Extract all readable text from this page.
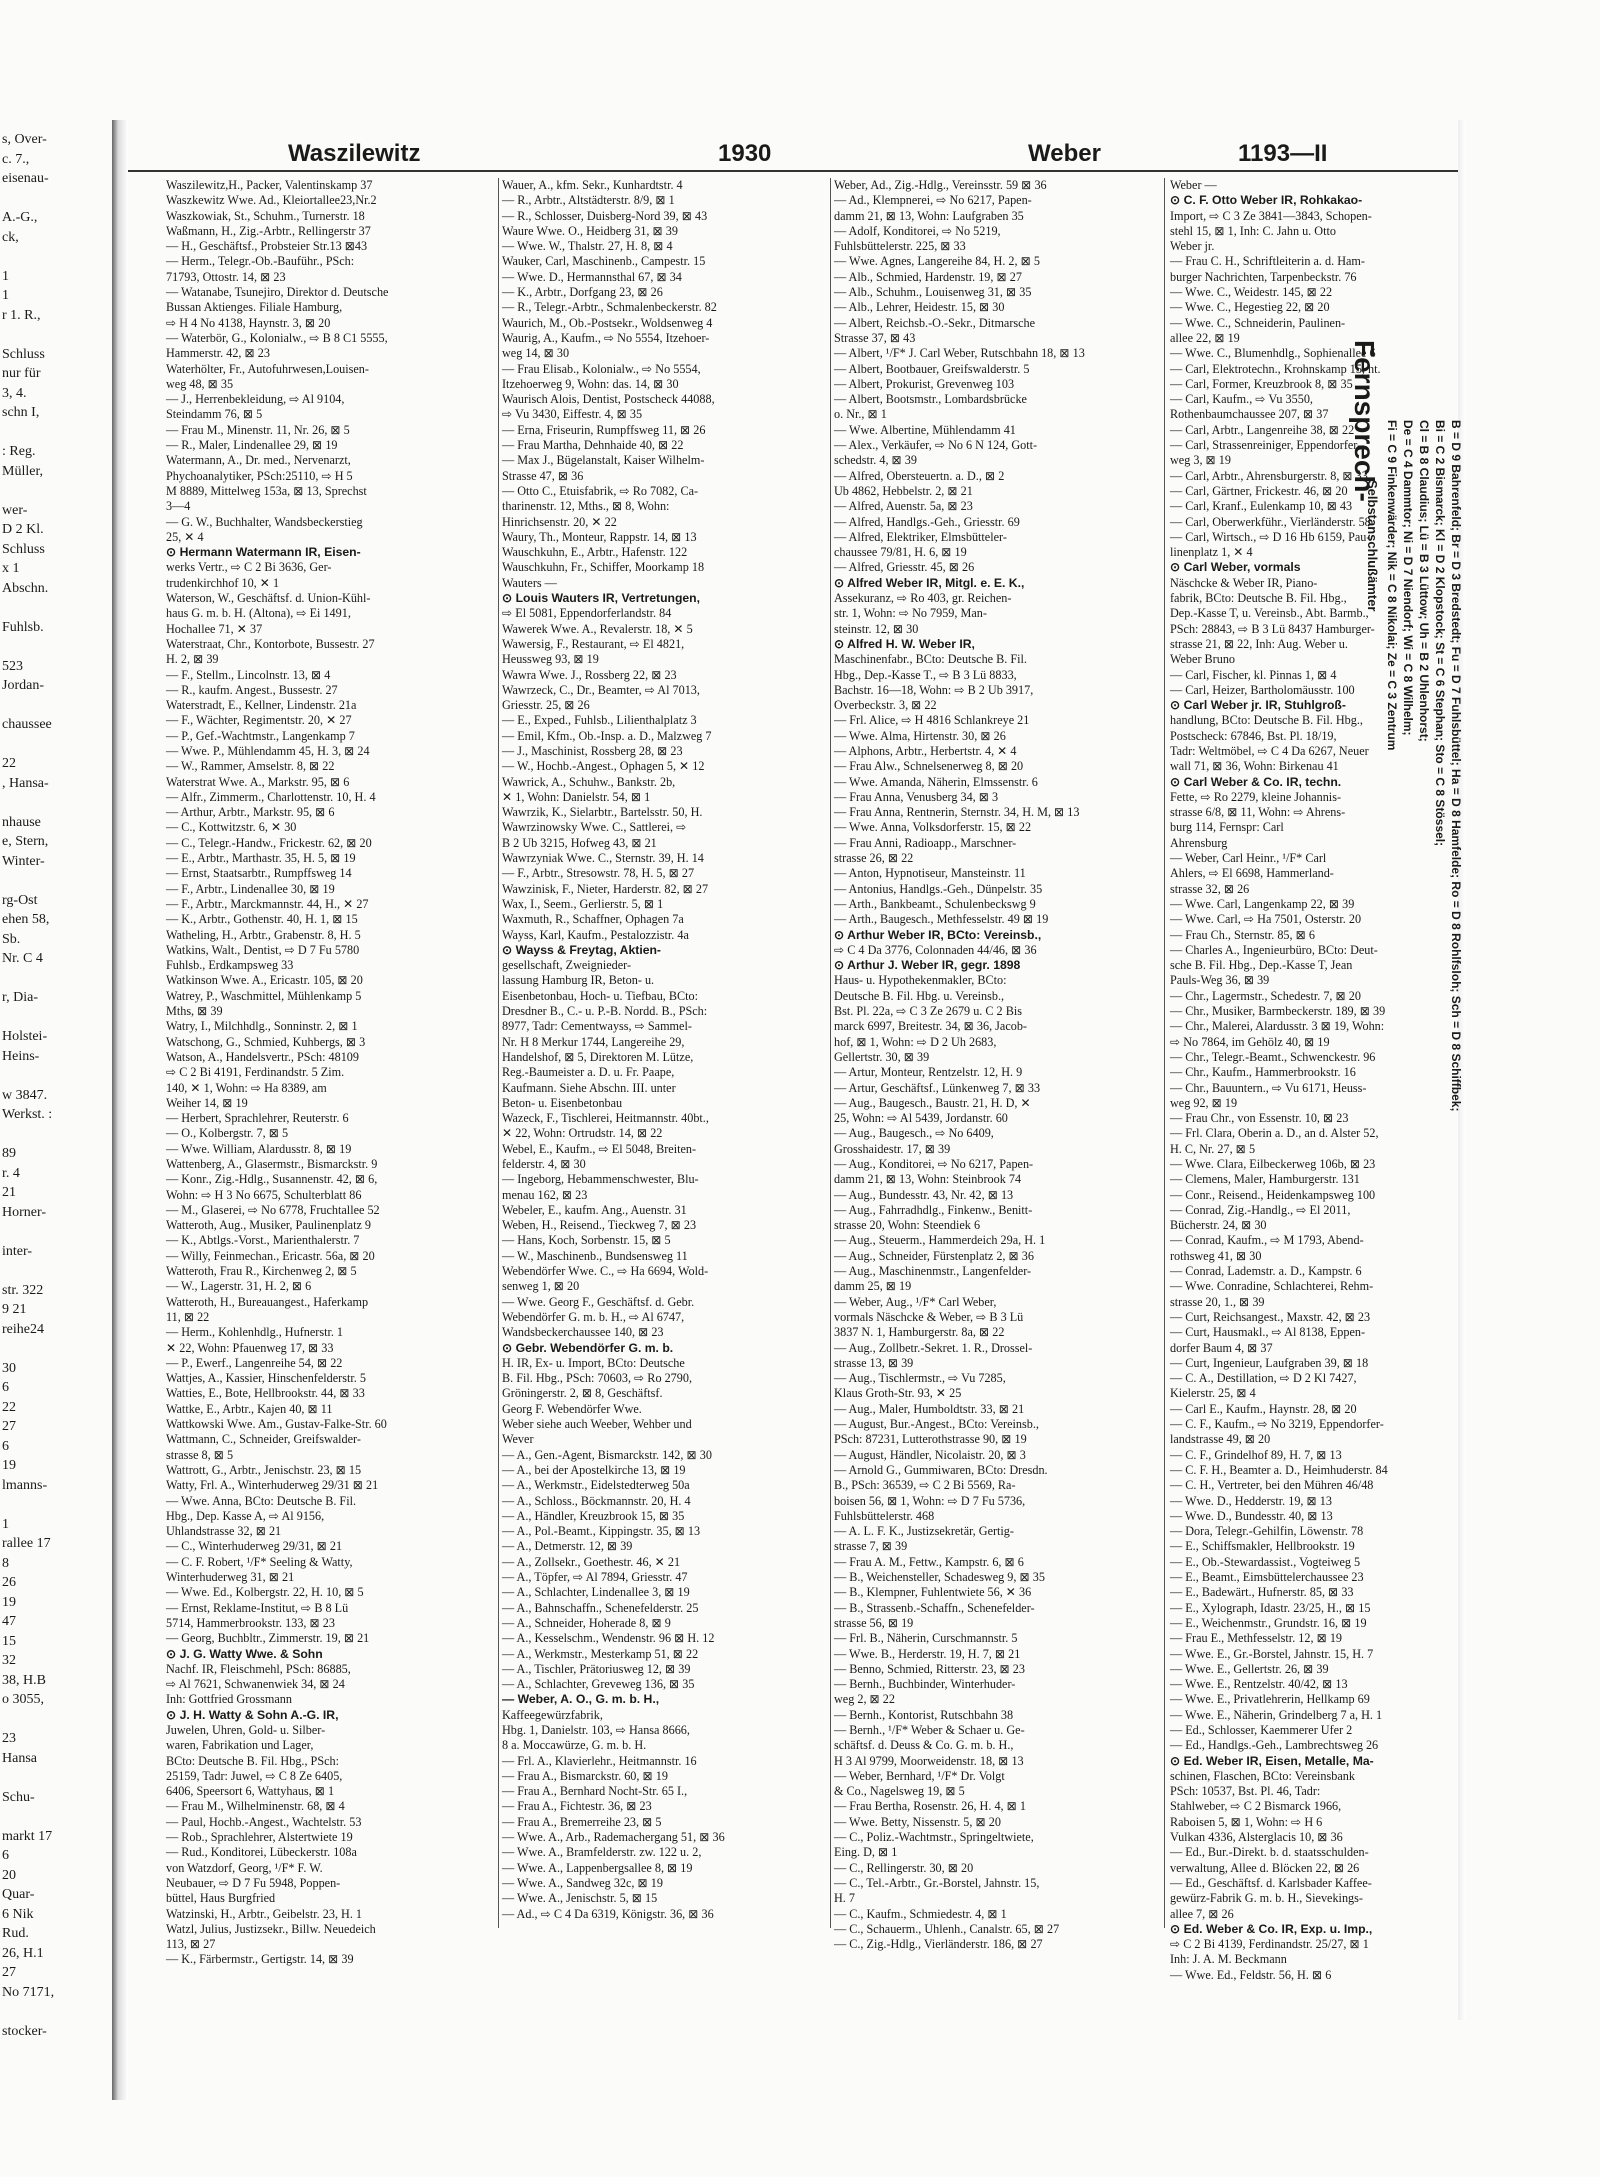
s, Over-
c. 7.,
eisenau-

A.-G.,
ck,

1
1
r 1. R.,

Schluss
nur für
3, 4.
schn I,

: Reg.
Müller,

wer-
D 2 Kl.
Schluss
x 1
Abschn.

Fuhlsb.

523
Jordan-

chaussee

22
, Hansa-

nhause
e, Stern,
Winter-

rg-Ost
ehen 58,
Sb.
Nr. C 4

r, Dia-

Holstei-
Heins-

w 3847.
Werkst. :

89
r. 4
21
Horner-

inter-

str. 322
9 21
reihe24

30
6
22
27
6
19
lmanns-

1
rallee 17
8
26
19
47
15
32
38, H.B
o 3055,

23
Hansa

Schu-

markt 17
6
20
Quar-
6 Nik
Rud.
26, H.1
27
No 7171,

stocker-
Waszilewitz	1930	Weber	1193—II
Waszilewitz,H., Packer, Valentinskamp 37
Waszkewitz Wwe. Ad., Kleiortallee23,Nr.2
Waszkowiak, St., Schuhm., Turnerstr. 18
Waßmann, H., Zig.-Arbtr., Rellingerstr 37
— H., Geschäftsf., Probsteier Str.13 ⊠43
— Herm., Telegr.-Ob.-Bauführ., PSch:
71793, Ottostr. 14, ⊠ 23
— Watanabe, Tsunejiro, Direktor d. Deutsche
Bussan Aktienges. Filiale Hamburg,
⇨ H 4 No 4138, Haynstr. 3, ⊠ 20
— Waterbör, G., Kolonialw., ⇨ B 8 C1 5555,
Hammerstr. 42, ⊠ 23
Waterhölter, Fr., Autofuhrwesen,Louisen-
weg 48, ⊠ 35
— J., Herrenbekleidung, ⇨ Al 9104,
Steindamm 76, ⊠ 5
— Frau M., Minenstr. 11, Nr. 26, ⊠ 5
— R., Maler, Lindenallee 29, ⊠ 19
Watermann, A., Dr. med., Nervenarzt,
Phychoanalytiker, PSch:25110, ⇨ H 5
M 8889, Mittelweg 153a, ⊠ 13, Sprechst
3—4
— G. W., Buchhalter, Wandsbeckerstieg
25, ✕ 4
⊙ Hermann Watermann IR, Eisen-
werks Vertr., ⇨ C 2 Bi 3636, Ger-
trudenkirchhof 10, ✕ 1
Waterson, W., Geschäftsf. d. Union-Kühl-
haus G. m. b. H. (Altona), ⇨ Ei 1491,
Hochallee 71, ✕ 37
Waterstraat, Chr., Kontorbote, Bussestr. 27
H. 2, ⊠ 39
— F., Stellm., Lincolnstr. 13, ⊠ 4
— R., kaufm. Angest., Bussestr. 27
Waterstradt, E., Kellner, Lindenstr. 21a
— F., Wächter, Regimentstr. 20, ✕ 27
— P., Gef.-Wachtmstr., Langenkamp 7
— Wwe. P., Mühlendamm 45, H. 3, ⊠ 24
— W., Rammer, Amselstr. 8, ⊠ 22
Waterstrat Wwe. A., Markstr. 95, ⊠ 6
— Alfr., Zimmerm., Charlottenstr. 10, H. 4
— Arthur, Arbtr., Markstr. 95, ⊠ 6
— C., Kottwitzstr. 6, ✕ 30
— C., Telegr.-Handw., Frickestr. 62, ⊠ 20
— E., Arbtr., Marthastr. 35, H. 5, ⊠ 19
— Ernst, Staatsarbtr., Rumpffsweg 14
— F., Arbtr., Lindenallee 30, ⊠ 19
— F., Arbtr., Marckmannstr. 44, H., ✕ 27
— K., Arbtr., Gothenstr. 40, H. 1, ⊠ 15
Watheling, H., Arbtr., Grabenstr. 8, H. 5
Watkins, Walt., Dentist, ⇨ D 7 Fu 5780
Fuhlsb., Erdkampsweg 33
Watkinson Wwe. A., Ericastr. 105, ⊠ 20
Watrey, P., Waschmittel, Mühlenkamp 5
Mths, ⊠ 39
Watry, I., Milchhdlg., Sonninstr. 2, ⊠ 1
Watschong, G., Schmied, Kuhbergs, ⊠ 3
Watson, A., Handelsvertr., PSch: 48109
⇨ C 2 Bi 4191, Ferdinandstr. 5 Zim.
140, ✕ 1, Wohn: ⇨ Ha 8389, am
Weiher 14, ⊠ 19
— Herbert, Sprachlehrer, Reuterstr. 6
— O., Kolbergstr. 7, ⊠ 5
— Wwe. William, Alardusstr. 8, ⊠ 19
Wattenberg, A., Glasermstr., Bismarckstr. 9
— Konr., Zig.-Hdlg., Susannenstr. 42, ⊠ 6,
Wohn: ⇨ H 3 No 6675, Schulterblatt 86
— M., Glaserei, ⇨ No 6778, Fruchtallee 52
Watteroth, Aug., Musiker, Paulinenplatz 9
— K., Abtlgs.-Vorst., Marienthalerstr. 7
— Willy, Feinmechan., Ericastr. 56a, ⊠ 20
Watteroth, Frau R., Kirchenweg 2, ⊠ 5
— W., Lagerstr. 31, H. 2, ⊠ 6
Watteroth, H., Bureauangest., Haferkamp
11, ⊠ 22
— Herm., Kohlenhdlg., Hufnerstr. 1
✕ 22, Wohn: Pfauenweg 17, ⊠ 33
— P., Ewerf., Langenreihe 54, ⊠ 22
Wattjes, A., Kassier, Hinschenfelderstr. 5
Watties, E., Bote, Hellbrookstr. 44, ⊠ 33
Wattke, E., Arbtr., Kajen 40, ⊠ 11
Wattkowski Wwe. Am., Gustav-Falke-Str. 60
Wattmann, C., Schneider, Greifswalder-
strasse 8, ⊠ 5
Wattrott, G., Arbtr., Jenischstr. 23, ⊠ 15
Watty, Frl. A., Winterhuderweg 29/31 ⊠ 21
— Wwe. Anna, BCto: Deutsche B. Fil.
Hbg., Dep. Kasse A, ⇨ Al 9156,
Uhlandstrasse 32, ⊠ 21
— C., Winterhuderweg 29/31, ⊠ 21
— C. F. Robert, ¹/F* Seeling & Watty,
Winterhuderweg 31, ⊠ 21
— Wwe. Ed., Kolbergstr. 22, H. 10, ⊠ 5
— Ernst, Reklame-Institut, ⇨ B 8 Lü
5714, Hammerbrookstr. 133, ⊠ 23
— Georg, Buchbltr., Zimmerstr. 19, ⊠ 21
⊙ J. G. Watty Wwe. & Sohn
Nachf. IR, Fleischmehl, PSch: 86885,
⇨ Al 7621, Schwanenwiek 34, ⊠ 24
Inh: Gottfried Grossmann
⊙ J. H. Watty & Sohn A.-G. IR,
Juwelen, Uhren, Gold- u. Silber-
waren, Fabrikation und Lager,
BCto: Deutsche B. Fil. Hbg., PSch:
25159, Tadr: Juwel, ⇨ C 8 Ze 6405,
6406, Speersort 6, Wattyhaus, ⊠ 1
— Frau M., Wilhelminenstr. 68, ⊠ 4
— Paul, Hochb.-Angest., Wachtelstr. 53
— Rob., Sprachlehrer, Alstertwiete 19
— Rud., Konditorei, Lübeckerstr. 108a
von Watzdorf, Georg, ¹/F* F. W.
Neubauer, ⇨ D 7 Fu 5948, Poppen-
büttel, Haus Burgfried
Watzinski, H., Arbtr., Geibelstr. 23, H. 1
Watzl, Julius, Justizsekr., Billw. Neuedeich
113, ⊠ 27
— K., Färbermstr., Gertigstr. 14, ⊠ 39
Wauer, A., kfm. Sekr., Kunhardtstr. 4
— R., Arbtr., Altstädterstr. 8/9, ⊠ 1
— R., Schlosser, Duisberg-Nord 39, ⊠ 43
Waure Wwe. O., Heidberg 31, ⊠ 39
— Wwe. W., Thalstr. 27, H. 8, ⊠ 4
Wauker, Carl, Maschinenb., Campestr. 15
— Wwe. D., Hermannsthal 67, ⊠ 34
— K., Arbtr., Dorfgang 23, ⊠ 26
— R., Telegr.-Arbtr., Schmalenbeckerstr. 82
Waurich, M., Ob.-Postsekr., Woldsenweg 4
Waurig, A., Kaufm., ⇨ No 5554, Itzehoer-
weg 14, ⊠ 30
— Frau Elisab., Kolonialw., ⇨ No 5554,
Itzehoerweg 9, Wohn: das. 14, ⊠ 30
Waurisch Alois, Dentist, Postscheck 44088,
⇨ Vu 3430, Eiffestr. 4, ⊠ 35
— Erna, Friseurin, Rumpffsweg 11, ⊠ 26
— Frau Martha, Dehnhaide 40, ⊠ 22
— Max J., Bügelanstalt, Kaiser Wilhelm-
Strasse 47, ⊠ 36
— Otto C., Etuisfabrik, ⇨ Ro 7082, Ca-
tharinenstr. 12, Mths., ⊠ 8, Wohn:
Hinrichsenstr. 20, ✕ 22
Waury, Th., Monteur, Rappstr. 14, ⊠ 13
Wauschkuhn, E., Arbtr., Hafenstr. 122
Wauschkuhn, Fr., Schiffer, Moorkamp 18
Wauters —
⊙ Louis Wauters IR, Vertretungen,
⇨ El 5081, Eppendorferlandstr. 84
Wawerek Wwe. A., Revalerstr. 18, ✕ 5
Wawersig, F., Restaurant, ⇨ El 4821,
Heussweg 93, ⊠ 19
Wawra Wwe. J., Rossberg 22, ⊠ 23
Wawrzeck, C., Dr., Beamter, ⇨ Al 7013,
Griesstr. 25, ⊠ 26
— E., Exped., Fuhlsb., Lilienthalplatz 3
— Emil, Kfm., Ob.-Insp. a. D., Malzweg 7
— J., Maschinist, Rossberg 28, ⊠ 23
— W., Hochb.-Angest., Ophagen 5, ✕ 12
Wawrick, A., Schuhw., Bankstr. 2b,
✕ 1, Wohn: Danielstr. 54, ⊠ 1
Wawrzik, K., Sielarbtr., Bartelsstr. 50, H.
Wawrzinowsky Wwe. C., Sattlerei, ⇨
B 2 Ub 3215, Hofweg 43, ⊠ 21
Wawrzyniak Wwe. C., Sternstr. 39, H. 14
— F., Arbtr., Stresowstr. 78, H. 5, ⊠ 27
Wawzinisk, F., Nieter, Harderstr. 82, ⊠ 27
Wax, I., Seem., Gerlierstr. 5, ⊠ 1
Waxmuth, R., Schaffner, Ophagen 7a
Wayss, Karl, Kaufm., Pestalozzistr. 4a
⊙ Wayss & Freytag, Aktien-
gesellschaft, Zweignieder-
lassung Hamburg IR, Beton- u.
Eisenbetonbau, Hoch- u. Tiefbau, BCto:
Dresdner B., C.- u. P.-B. Nordd. B., PSch:
8977, Tadr: Cementwayss, ⇨ Sammel-
Nr. H 8 Merkur 1744, Langereihe 29,
Handelshof, ⊠ 5, Direktoren M. Lütze,
Reg.-Baumeister a. D. u. Fr. Paape,
Kaufmann. Siehe Abschn. III. unter
Beton- u. Eisenbetonbau
Wazeck, F., Tischlerei, Heitmannstr. 40bt.,
✕ 22, Wohn: Ortrudstr. 14, ⊠ 22
Webel, E., Kaufm., ⇨ El 5048, Breiten-
felderstr. 4, ⊠ 30
— Ingeborg, Hebammenschwester, Blu-
menau 162, ⊠ 23
Webeler, E., kaufm. Ang., Auenstr. 31
Weben, H., Reisend., Tieckweg 7, ⊠ 23
— Hans, Koch, Sorbenstr. 15, ⊠ 5
— W., Maschinenb., Bundsensweg 11
Webendörfer Wwe. C., ⇨ Ha 6694, Wold-
senweg 1, ⊠ 20
— Wwe. Georg F., Geschäftsf. d. Gebr.
Webendörfer G. m. b. H., ⇨ Al 6747,
Wandsbeckerchaussee 140, ⊠ 23
⊙ Gebr. Webendörfer G. m. b.
H. IR, Ex- u. Import, BCto: Deutsche
B. Fil. Hbg., PSch: 70603, ⇨ Ro 2790,
Gröningerstr. 2, ⊠ 8, Geschäftsf.
Georg F. Webendörfer Wwe.
Weber siehe auch Weeber, Wehber und
Wever
— A., Gen.-Agent, Bismarckstr. 142, ⊠ 30
— A., bei der Apostelkirche 13, ⊠ 19
— A., Werkmstr., Eidelstedterweg 50a
— A., Schloss., Böckmannstr. 20, H. 4
— A., Händler, Kreuzbrook 15, ⊠ 35
— A., Pol.-Beamt., Kippingstr. 35, ⊠ 13
— A., Detmerstr. 12, ⊠ 39
— A., Zollsekr., Goethestr. 46, ✕ 21
— A., Töpfer, ⇨ Al 7894, Griesstr. 47
— A., Schlachter, Lindenallee 3, ⊠ 19
— A., Bahnschaffn., Schenefelderstr. 25
— A., Schneider, Hoherade 8, ⊠ 9
— A., Kesselschm., Wendenstr. 96 ⊠ H. 12
— A., Werkmstr., Mesterkamp 51, ⊠ 22
— A., Tischler, Prätoriusweg 12, ⊠ 39
— A., Schlachter, Greveweg 136, ⊠ 35
— Weber, A. O., G. m. b. H.,
Kaffeegewürzfabrik,
Hbg. 1, Danielstr. 103, ⇨ Hansa 8666,
8 a. Moccawürze, G. m. b. H.
— Frl. A., Klavierlehr., Heitmannstr. 16
— Frau A., Bismarckstr. 60, ⊠ 19
— Frau A., Bernhard Nocht-Str. 65 I.,
— Frau A., Fichtestr. 36, ⊠ 23
— Frau A., Bremerreihe 23, ⊠ 5
— Wwe. A., Arb., Rademachergang 51, ⊠ 36
— Wwe. A., Bramfelderstr. zw. 122 u. 2,
— Wwe. A., Lappenbergsallee 8, ⊠ 19
— Wwe. A., Sandweg 32c, ⊠ 19
— Wwe. A., Jenischstr. 5, ⊠ 15
— Ad., ⇨ C 4 Da 6319, Königstr. 36, ⊠ 36
Weber, Ad., Zig.-Hdlg., Vereinsstr. 59 ⊠ 36
— Ad., Klempnerei, ⇨ No 6217, Papen-
damm 21, ⊠ 13, Wohn: Laufgraben 35
— Adolf, Konditorei, ⇨ No 5219,
Fuhlsbüttelerstr. 225, ⊠ 33
— Wwe. Agnes, Langereihe 84, H. 2, ⊠ 5
— Alb., Schmied, Hardenstr. 19, ⊠ 27
— Alb., Schuhm., Louisenweg 31, ⊠ 35
— Alb., Lehrer, Heidestr. 15, ⊠ 30
— Albert, Reichsb.-O.-Sekr., Ditmarsche
Strasse 37, ⊠ 43
— Albert, ¹/F* J. Carl Weber, Rutschbahn 18, ⊠ 13
— Albert, Bootbauer, Greifswalderstr. 5
— Albert, Prokurist, Grevenweg 103
— Albert, Bootsmstr., Lombardsbrücke
o. Nr., ⊠ 1
— Wwe. Albertine, Mühlendamm 41
— Alex., Verkäufer, ⇨ No 6 N 124, Gott-
schedstr. 4, ⊠ 39
— Alfred, Obersteuertn. a. D., ⊠ 2
Ub 4862, Hebbelstr. 2, ⊠ 21
— Alfred, Auenstr. 5a, ⊠ 23
— Alfred, Handlgs.-Geh., Griesstr. 69
— Alfred, Elektriker, Elmsbütteler-
chaussee 79/81, H. 6, ⊠ 19
— Alfred, Griesstr. 45, ⊠ 26
⊙ Alfred Weber IR, Mitgl. e. E. K.,
Assekuranz, ⇨ Ro 403, gr. Reichen-
str. 1, Wohn: ⇨ No 7959, Man-
steinstr. 12, ⊠ 30
⊙ Alfred H. W. Weber IR,
Maschinenfabr., BCto: Deutsche B. Fil.
Hbg., Dep.-Kasse T., ⇨ B 3 Lü 8833,
Bachstr. 16—18, Wohn: ⇨ B 2 Ub 3917,
Overbeckstr. 3, ⊠ 22
— Frl. Alice, ⇨ H 4816 Schlankreye 21
— Wwe. Alma, Hirtenstr. 30, ⊠ 26
— Alphons, Arbtr., Herbertstr. 4, ✕ 4
— Frau Alw., Schnelsenerweg 8, ⊠ 20
— Wwe. Amanda, Näherin, Elmssenstr. 6
— Frau Anna, Venusberg 34, ⊠ 3
— Frau Anna, Rentnerin, Sternstr. 34, H. M, ⊠ 13
— Wwe. Anna, Volksdorferstr. 15, ⊠ 22
— Frau Anni, Radioapp., Marschner-
strasse 26, ⊠ 22
— Anton, Hypnotiseur, Mansteinstr. 11
— Antonius, Handlgs.-Geh., Dünpelstr. 35
— Arth., Bankbeamt., Schulenbeckswg 9
— Arth., Baugesch., Methfesselstr. 49 ⊠ 19
⊙ Arthur Weber IR, BCto: Vereinsb.,
⇨ C 4 Da 3776, Colonnaden 44/46, ⊠ 36
⊙ Arthur J. Weber IR, gegr. 1898
Haus- u. Hypothekenmakler, BCto:
Deutsche B. Fil. Hbg. u. Vereinsb.,
Bst. Pl. 22a, ⇨ C 3 Ze 2679 u. C 2 Bis
marck 6997, Breitestr. 34, ⊠ 36, Jacob-
hof, ⊠ 1, Wohn: ⇨ D 2 Uh 2683,
Gellertstr. 30, ⊠ 39
— Artur, Monteur, Rentzelstr. 12, H. 9
— Artur, Geschäftsf., Lünkenweg 7, ⊠ 33
— Aug., Baugesch., Baustr. 21, H. D, ✕
25, Wohn: ⇨ Al 5439, Jordanstr. 60
— Aug., Baugesch., ⇨ No 6409,
Grosshaidestr. 17, ⊠ 39
— Aug., Konditorei, ⇨ No 6217, Papen-
damm 21, ⊠ 13, Wohn: Steinbrook 74
— Aug., Bundesstr. 43, Nr. 42, ⊠ 13
— Aug., Fahrradhdlg., Finkenw., Benitt-
strasse 20, Wohn: Steendiek 6
— Aug., Steuerm., Hammerdeich 29a, H. 1
— Aug., Schneider, Fürstenplatz 2, ⊠ 36
— Aug., Maschinenmstr., Langenfelder-
damm 25, ⊠ 19
— Weber, Aug., ¹/F* Carl Weber,
vormals Näschcke & Weber, ⇨ B 3 Lü
3837 N. 1, Hamburgerstr. 8a, ⊠ 22
— Aug., Zollbetr.-Sekret. 1. R., Drossel-
strasse 13, ⊠ 39
— Aug., Tischlermstr., ⇨ Vu 7285,
Klaus Groth-Str. 93, ✕ 25
— Aug., Maler, Humboldtstr. 33, ⊠ 21
— August, Bur.-Angest., BCto: Vereinsb.,
PSch: 87231, Lutterothstrasse 90, ⊠ 19
— August, Händler, Nicolaistr. 20, ⊠ 3
— Arnold G., Gummiwaren, BCto: Dresdn.
B., PSch: 36539, ⇨ C 2 Bi 5569, Ra-
boisen 56, ⊠ 1, Wohn: ⇨ D 7 Fu 5736,
Fuhlsbüttelerstr. 468
— A. L. F. K., Justizsekretär, Gertig-
strasse 7, ⊠ 39
— Frau A. M., Fettw., Kampstr. 6, ⊠ 6
— B., Weichensteller, Schadesweg 9, ⊠ 35
— B., Klempner, Fuhlentwiete 56, ✕ 36
— B., Strassenb.-Schaffn., Schenefelder-
strasse 56, ⊠ 19
— Frl. B., Näherin, Curschmannstr. 5
— Wwe. B., Herderstr. 19, H. 7, ⊠ 21
— Benno, Schmied, Ritterstr. 23, ⊠ 23
— Bernh., Buchbinder, Winterhuder-
weg 2, ⊠ 22
— Bernh., Kontorist, Rutschbahn 38
— Bernh., ¹/F* Weber & Schaer u. Ge-
schäftsf. d. Deuss & Co. G. m. b. H.,
H 3 Al 9799, Moorweidenstr. 18, ⊠ 13
— Weber, Bernhard, ¹/F* Dr. Volgt
& Co., Nagelsweg 19, ⊠ 5
— Frau Bertha, Rosenstr. 26, H. 4, ⊠ 1
— Wwe. Betty, Nissenstr. 5, ⊠ 20
— C., Poliz.-Wachtmstr., Springeltwiete,
Eing. D, ⊠ 1
— C., Rellingerstr. 30, ⊠ 20
— C., Tel.-Arbtr., Gr.-Borstel, Jahnstr. 15,
H. 7
— C., Kaufm., Schmiedestr. 4, ⊠ 1
— C., Schauerm., Uhlenh., Canalstr. 65, ⊠ 27
— C., Zig.-Hdlg., Vierländerstr. 186, ⊠ 27
Weber —
⊙ C. F. Otto Weber IR, Rohkakao-
Import, ⇨ C 3 Ze 3841—3843, Schopen-
stehl 15, ⊠ 1, Inh: C. Jahn u. Otto
Weber jr.
— Frau C. H., Schriftleiterin a. d. Ham-
burger Nachrichten, Tarpenbeckstr. 76
— Wwe. C., Weidestr. 145, ⊠ 22
— Wwe. C., Hegestieg 22, ⊠ 20
— Wwe. C., Schneiderin, Paulinen-
allee 22, ⊠ 19
— Wwe. C., Blumenhdlg., Sophienallee 6
— Carl, Elektrotechn., Krohnskamp 15, ht.
— Carl, Former, Kreuzbrook 8, ⊠ 35
— Carl, Kaufm., ⇨ Vu 3550,
Rothenbaumchaussee 207, ⊠ 37
— Carl, Arbtr., Langenreihe 38, ⊠ 22
— Carl, Strassenreiniger, Eppendorfer-
weg 3, ⊠ 19
— Carl, Arbtr., Ahrensburgerstr. 8, ⊠ 33
— Carl, Gärtner, Frickestr. 46, ⊠ 20
— Carl, Kranf., Eulenkamp 10, ⊠ 43
— Carl, Oberwerkführ., Vierländerstr. 58
— Carl, Wirtsch., ⇨ D 16 Hb 6159, Pau-
linenplatz 1, ✕ 4
⊙ Carl Weber, vormals
Näschcke & Weber IR, Piano-
fabrik, BCto: Deutsche B. Fil. Hbg.,
Dep.-Kasse T, u. Vereinsb., Abt. Barmb.,
PSch: 28843, ⇨ B 3 Lü 8437 Hamburger-
strasse 21, ⊠ 22, Inh: Aug. Weber u.
Weber Bruno
— Carl, Fischer, kl. Pinnas 1, ⊠ 4
— Carl, Heizer, Bartholomäusstr. 100
⊙ Carl Weber jr. IR, Stuhlgroß-
handlung, BCto: Deutsche B. Fil. Hbg.,
Postscheck: 67846, Bst. Pl. 18/19,
Tadr: Weltmöbel, ⇨ C 4 Da 6267, Neuer
wall 71, ⊠ 36, Wohn: Birkenau 41
⊙ Carl Weber & Co. IR, techn.
Fette, ⇨ Ro 2279, kleine Johannis-
strasse 6/8, ⊠ 11, Wohn: ⇨ Ahrens-
burg 114, Fernspr: Carl
Ahrensburg
— Weber, Carl Heinr., ¹/F* Carl
Ahlers, ⇨ El 6698, Hammerland-
strasse 32, ⊠ 26
— Wwe. Carl, Langenkamp 22, ⊠ 39
— Wwe. Carl, ⇨ Ha 7501, Osterstr. 20
— Frau Ch., Sternstr. 85, ⊠ 6
— Charles A., Ingenieurbüro, BCto: Deut-
sche B. Fil. Hbg., Dep.-Kasse T, Jean
Pauls-Weg 36, ⊠ 39
— Chr., Lagermstr., Schedestr. 7, ⊠ 20
— Chr., Musiker, Barmbeckerstr. 189, ⊠ 39
— Chr., Malerei, Alardusstr. 3 ⊠ 19, Wohn:
⇨ No 7864, im Gehölz 40, ⊠ 19
— Chr., Telegr.-Beamt., Schwenckestr. 96
— Chr., Kaufm., Hammerbrookstr. 16
— Chr., Bauuntern., ⇨ Vu 6171, Heuss-
weg 92, ⊠ 19
— Frau Chr., von Essenstr. 10, ⊠ 23
— Frl. Clara, Oberin a. D., an d. Alster 52,
H. C, Nr. 27, ⊠ 5
— Wwe. Clara, Eilbeckerweg 106b, ⊠ 23
— Clemens, Maler, Hamburgerstr. 131
— Conr., Reisend., Heidenkampsweg 100
— Conrad, Zig.-Handlg., ⇨ El 2011,
Bücherstr. 24, ⊠ 30
— Conrad, Kaufm., ⇨ M 1793, Abend-
rothsweg 41, ⊠ 30
— Conrad, Lademstr. a. D., Kampstr. 6
— Wwe. Conradine, Schlachterei, Rehm-
strasse 20, 1., ⊠ 39
— Curt, Reichsangest., Maxstr. 42, ⊠ 23
— Curt, Hausmakl., ⇨ Al 8138, Eppen-
dorfer Baum 4, ⊠ 37
— Curt, Ingenieur, Laufgraben 39, ⊠ 18
— C. A., Destillation, ⇨ D 2 Kl 7427,
Kielerstr. 25, ⊠ 4
— Carl E., Kaufm., Haynstr. 28, ⊠ 20
— C. F., Kaufm., ⇨ No 3219, Eppendorfer-
landstrasse 49, ⊠ 20
— C. F., Grindelhof 89, H. 7, ⊠ 13
— C. F. H., Beamter a. D., Heimhuderstr. 84
— C. H., Vertreter, bei den Mühren 46/48
— Wwe. D., Hedderstr. 19, ⊠ 13
— Wwe. D., Bundesstr. 40, ⊠ 13
— Dora, Telegr.-Gehilfin, Löwenstr. 78
— E., Schiffsmakler, Hellbrookstr. 19
— E., Ob.-Stewardassist., Vogteiweg 5
— E., Beamt., Eimsbüttelerchaussee 23
— E., Badewärt., Hufnerstr. 85, ⊠ 33
— E., Xylograph, Idastr. 23/25, H., ⊠ 15
— E., Weichenmstr., Grundstr. 16, ⊠ 19
— Frau E., Methfesselstr. 12, ⊠ 19
— Wwe. E., Gr.-Borstel, Jahnstr. 15, H. 7
— Wwe. E., Gellertstr. 26, ⊠ 39
— Wwe. E., Rentzelstr. 40/42, ⊠ 13
— Wwe. E., Privatlehrerin, Hellkamp 69
— Wwe. E., Näherin, Grindelberg 7 a, H. 1
— Ed., Schlosser, Kaemmerer Ufer 2
— Ed., Handlgs.-Geh., Lambrechtsweg 26
⊙ Ed. Weber IR, Eisen, Metalle, Ma-
schinen, Flaschen, BCto: Vereinsbank
PSch: 10537, Bst. Pl. 46, Tadr:
Stahlweber, ⇨ C 2 Bismarck 1966,
Raboisen 5, ⊠ 1, Wohn: ⇨ H 6
Vulkan 4336, Alsterglacis 10, ⊠ 36
— Ed., Bur.-Direkt. b. d. staatsschulden-
verwaltung, Allee d. Blöcken 22, ⊠ 26
— Ed., Geschäftsf. d. Karlsbader Kaffee-
gewürz-Fabrik G. m. b. H., Sievekings-
allee 7, ⊠ 26
⊙ Ed. Weber & Co. IR, Exp. u. Imp.,
⇨ C 2 Bi 4139, Ferdinandstr. 25/27, ⊠ 1
Inh: J. A. M. Beckmann
— Wwe. Ed., Feldstr. 56, H. ⊠ 6
Fernsprech-
Selbstanschlußämter	B = D 9 Bahrenfeld; Br = D 3 Bredstedt; Fu = D 7 Fuhlsbüttel; Ha = D 8 Hamfelde; Ro = D 8 Rohlfsloh; Sch = D 8 Schiffbek;
Bi = C 2 Bismarck; Kl = D 2 Klopstock; St = C 6 Stephan; Sto = C 8 Stössel;
Cl = B 8 Claudius; Lü = B 3 Lüttow; Uh = B 2 Uhlenhorst;
De = C 4 Dammtor; Ni = D 7 Niendorf; Wi = C 8 Wilhelm;
Fi = C 9 Finkenwärder; Nik = C 8 Nikolai; Ze = C 3 Zentrum
